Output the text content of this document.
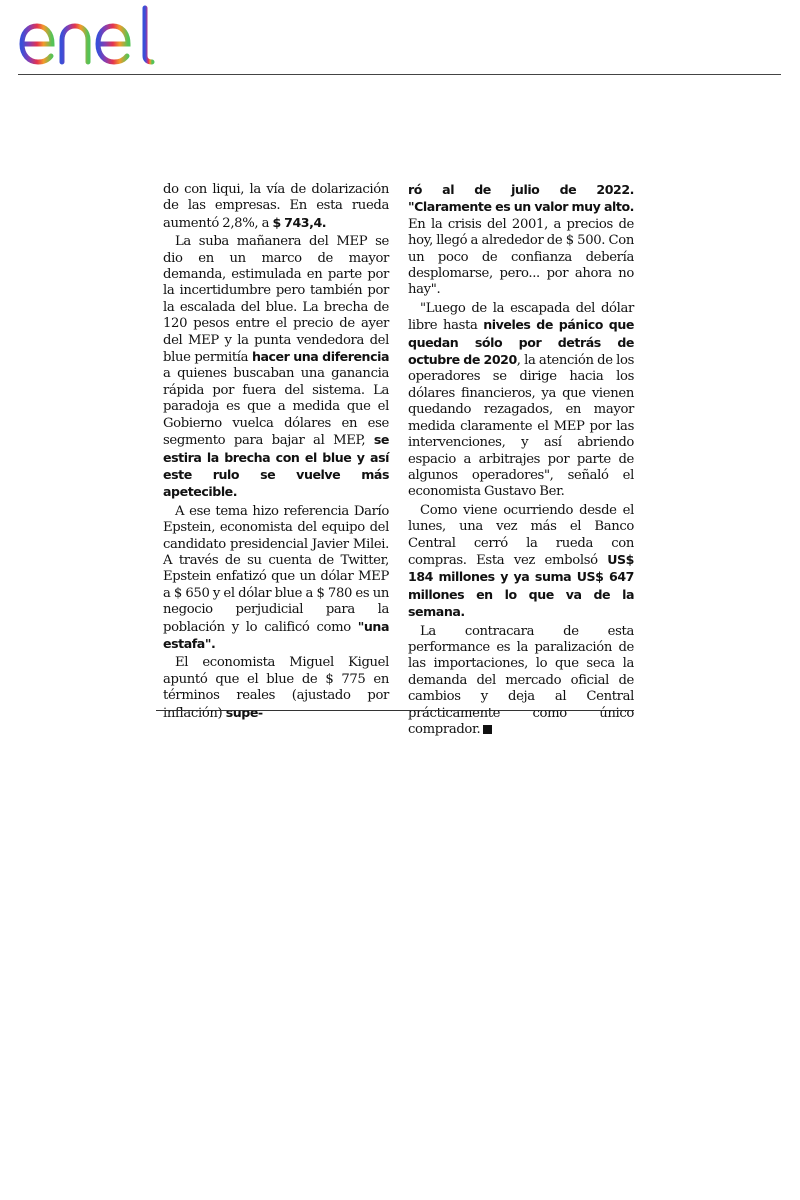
do con liqui, la vía de dolarización de las empresas. En esta rueda aumentó 2,8%, a $ 743,4.

La suba mañanera del MEP se dio en un marco de mayor demanda, estimulada en parte por la incertidumbre pero también por la escalada del blue. La brecha de 120 pesos entre el precio de ayer del MEP y la punta vendedora del blue permitía hacer una diferencia a quienes buscaban una ganancia rápida por fuera del sistema. La paradoja es que a medida que el Gobierno vuelca dólares en ese segmento para bajar al MEP, se estira la brecha con el blue y así este rulo se vuelve más apetecible.

A ese tema hizo referencia Darío Epstein, economista del equipo del candidato presidencial Javier Milei. A través de su cuenta de Twitter, Epstein enfatizó que un dólar MEP a $ 650 y el dólar blue a $ 780 es un negocio perjudicial para la población y lo calificó como "una estafa".

El economista Miguel Kiguel apuntó que el blue de $ 775 en términos reales (ajustado por inflación) supe-

ró al de julio de 2022. "Claramente es un valor muy alto. En la crisis del 2001, a precios de hoy, llegó a alrededor de $ 500. Con un poco de confianza debería desplomarse, pero... por ahora no hay".

"Luego de la escapada del dólar libre hasta niveles de pánico que quedan sólo por detrás de octubre de 2020, la atención de los operadores se dirige hacia los dólares financieros, ya que vienen quedando rezagados, en mayor medida claramente el MEP por las intervenciones, y así abriendo espacio a arbitrajes por parte de algunos operadores", señaló el economista Gustavo Ber.

Como viene ocurriendo desde el lunes, una vez más el Banco Central cerró la rueda con compras. Esta vez embolsó US$ 184 millones y ya suma US$ 647 millones en lo que va de la semana.

La contracara de esta performance es la paralización de las importaciones, lo que seca la demanda del mercado oficial de cambios y deja al Central prácticamente como único comprador.
